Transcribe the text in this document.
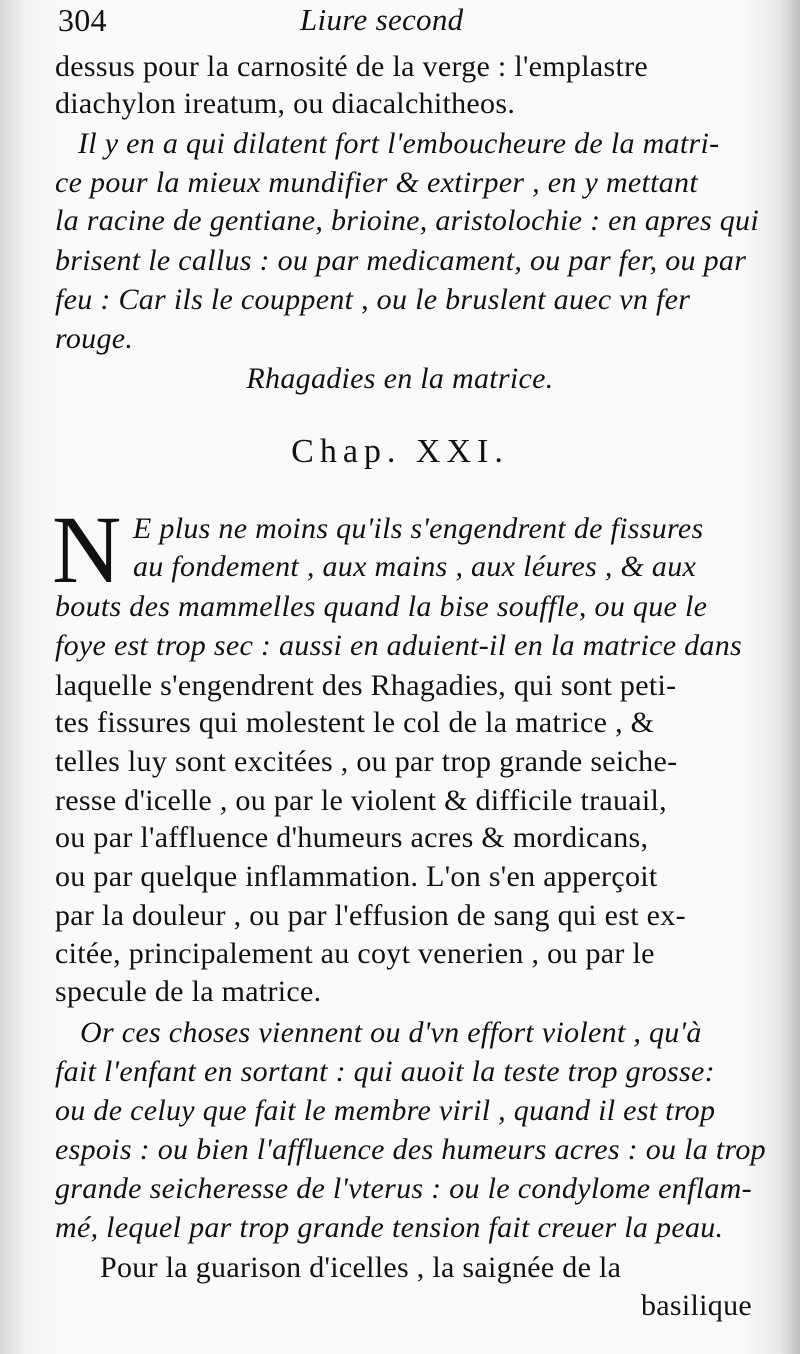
304	Liure second
dessus pour la carnosité de la verge : l'emplastre
diachylon ireatum, ou diacalchitheos.
Il y en a qui dilatent fort l'emboucheure de la matri-
ce pour la mieux mundifier & extirper , en y mettant
la racine de gentiane, brioine, aristolochie : en apres qui
brisent le callus : ou par medicament, ou par fer, ou par
feu : Car ils le couppent , ou le bruslent auec vn fer
rouge.
Rhagadies en la matrice.
Chap. XXI.
N E plus ne moins qu'ils s'engendrent de fissures
au fondement , aux mains , aux léures , & aux
bouts des mammelles quand la bise souffle, ou que le
foye est trop sec : aussi en aduient-il en la matrice dans
laquelle s'engendrent des Rhagadies, qui sont peti-
tes fissures qui molestent le col de la matrice , &
telles luy sont excitées , ou par trop grande seiche-
resse d'icelle , ou par le violent & difficile trauail,
ou par l'affluence d'humeurs acres & mordicans,
ou par quelque inflammation. L'on s'en apperçoit
par la douleur , ou par l'effusion de sang qui est ex-
citée, principalement au coyt venerien , ou par le
specule de la matrice.
Or ces choses viennent ou d'vn effort violent , qu'à
fait l'enfant en sortant : qui auoit la teste trop grosse:
ou de celuy que fait le membre viril , quand il est trop
espois : ou bien l'affluence des humeurs acres : ou la trop
grande seicheresse de l'vterus : ou le condylome enflam-
mé, lequel par trop grande tension fait creuer la peau.
Pour la guarison d'icelles , la saignée de la
basilique
